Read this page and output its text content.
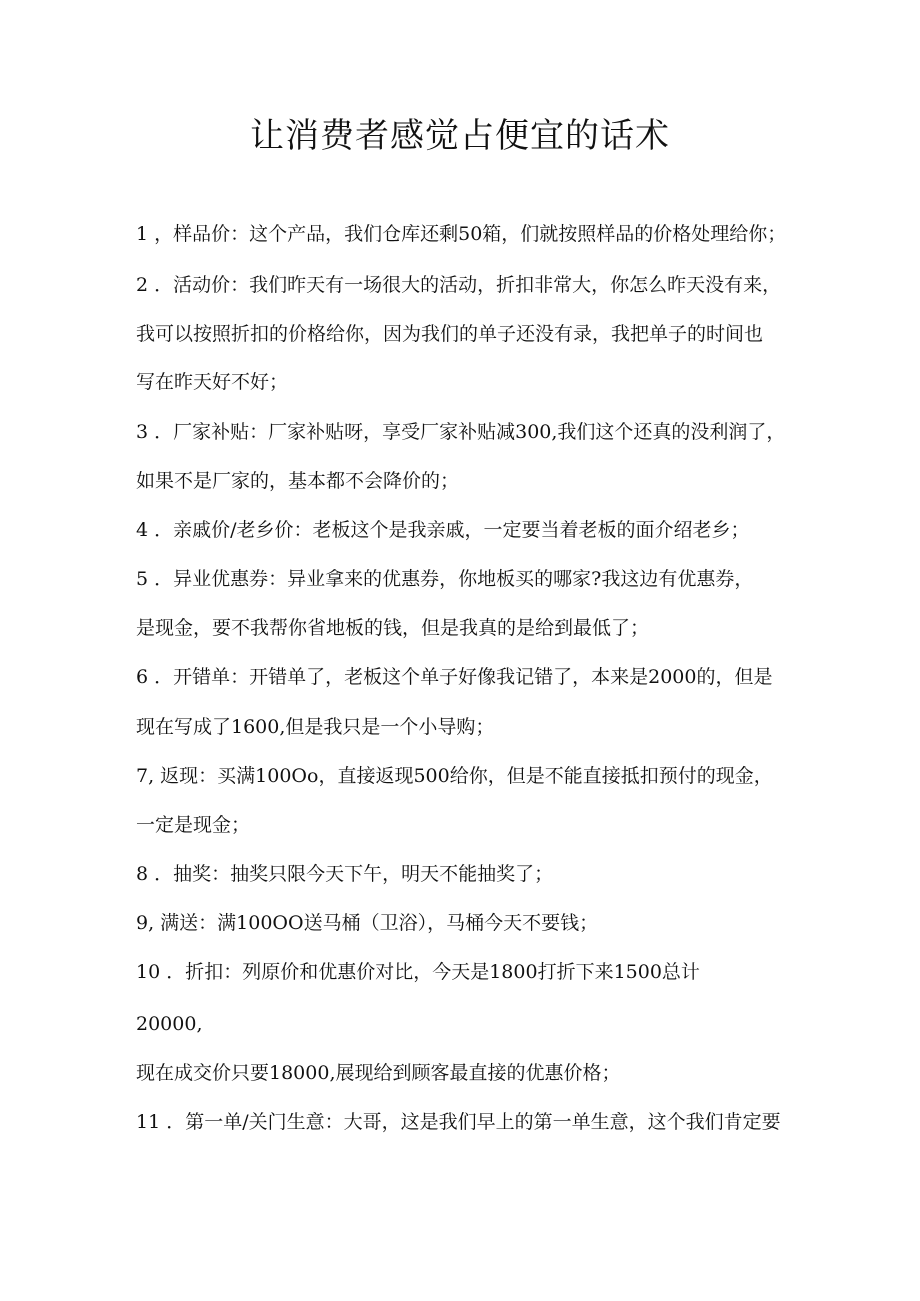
让消费者感觉占便宜的话术
1 ，样品价：这个产品，我们仓库还剩50箱，们就按照样品的价格处理给你；
2 ．活动价：我们昨天有一场很大的活动，折扣非常大，你怎么昨天没有来，
我可以按照折扣的价格给你，因为我们的单子还没有录，我把单子的时间也
写在昨天好不好；
3 ．厂家补贴：厂家补贴呀，享受厂家补贴减300,我们这个还真的没利润了，
如果不是厂家的，基本都不会降价的；
4 ．亲戚价/老乡价：老板这个是我亲戚，一定要当着老板的面介绍老乡；
5 ．异业优惠券：异业拿来的优惠券，你地板买的哪家?我这边有优惠券，
是现金，要不我帮你省地板的钱，但是我真的是给到最低了；
6 ．开错单：开错单了，老板这个单子好像我记错了，本来是2000的，但是
现在写成了1600,但是我只是一个小导购；
7, 返现：买满100Oo，直接返现500给你，但是不能直接抵扣预付的现金，
一定是现金；
8 ．抽奖：抽奖只限今天下午，明天不能抽奖了；
9, 满送：满100OO送马桶（卫浴），马桶今天不要钱；
10 ．折扣：列原价和优惠价对比，今天是1800打折下来1500总计
20000,
现在成交价只要18000,展现给到顾客最直接的优惠价格；
11 ．第一单/关门生意：大哥，这是我们早上的第一单生意，这个我们肯定要
